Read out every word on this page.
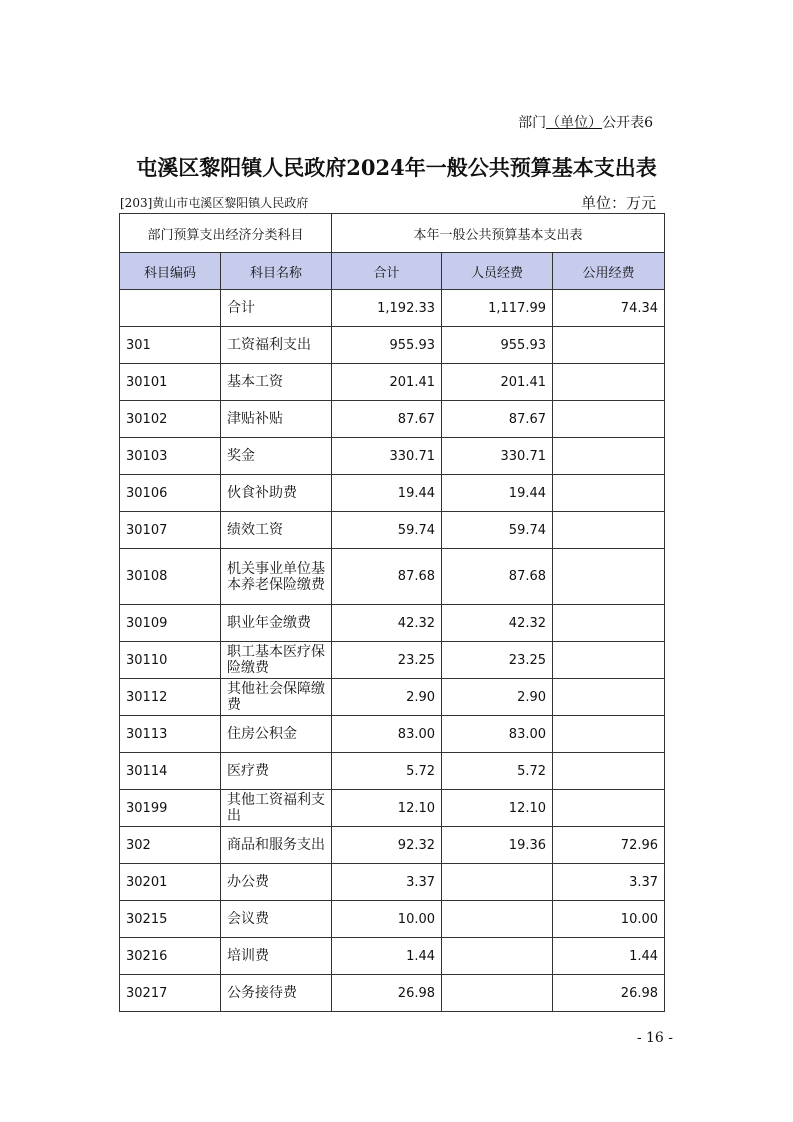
部门（单位）公开表6
屯溪区黎阳镇人民政府2024年一般公共预算基本支出表
[203]黄山市屯溪区黎阳镇人民政府	单位：万元
部门预算支出经济分类科目		本年一般公共预算基本支出表		
科目编码	科目名称	合计	人员经费	公用经费
	合计	1,192.33	1,117.99	74.34
301	工资福利支出	955.93	955.93	
30101	基本工资	201.41	201.41	
30102	津贴补贴	87.67	87.67	
30103	奖金	330.71	330.71	
30106	伙食补助费	19.44	19.44	
30107	绩效工资	59.74	59.74	
30108	机关事业单位基本养老保险缴费	87.68	87.68	
30109	职业年金缴费	42.32	42.32	
30110	职工基本医疗保险缴费	23.25	23.25	
30112	其他社会保障缴费	2.90	2.90	
30113	住房公积金	83.00	83.00	
30114	医疗费	5.72	5.72	
30199	其他工资福利支出	12.10	12.10	
302	商品和服务支出	92.32	19.36	72.96
30201	办公费	3.37		3.37
30215	会议费	10.00		10.00
30216	培训费	1.44		1.44
30217	公务接待费	26.98		26.98
- 16 -
